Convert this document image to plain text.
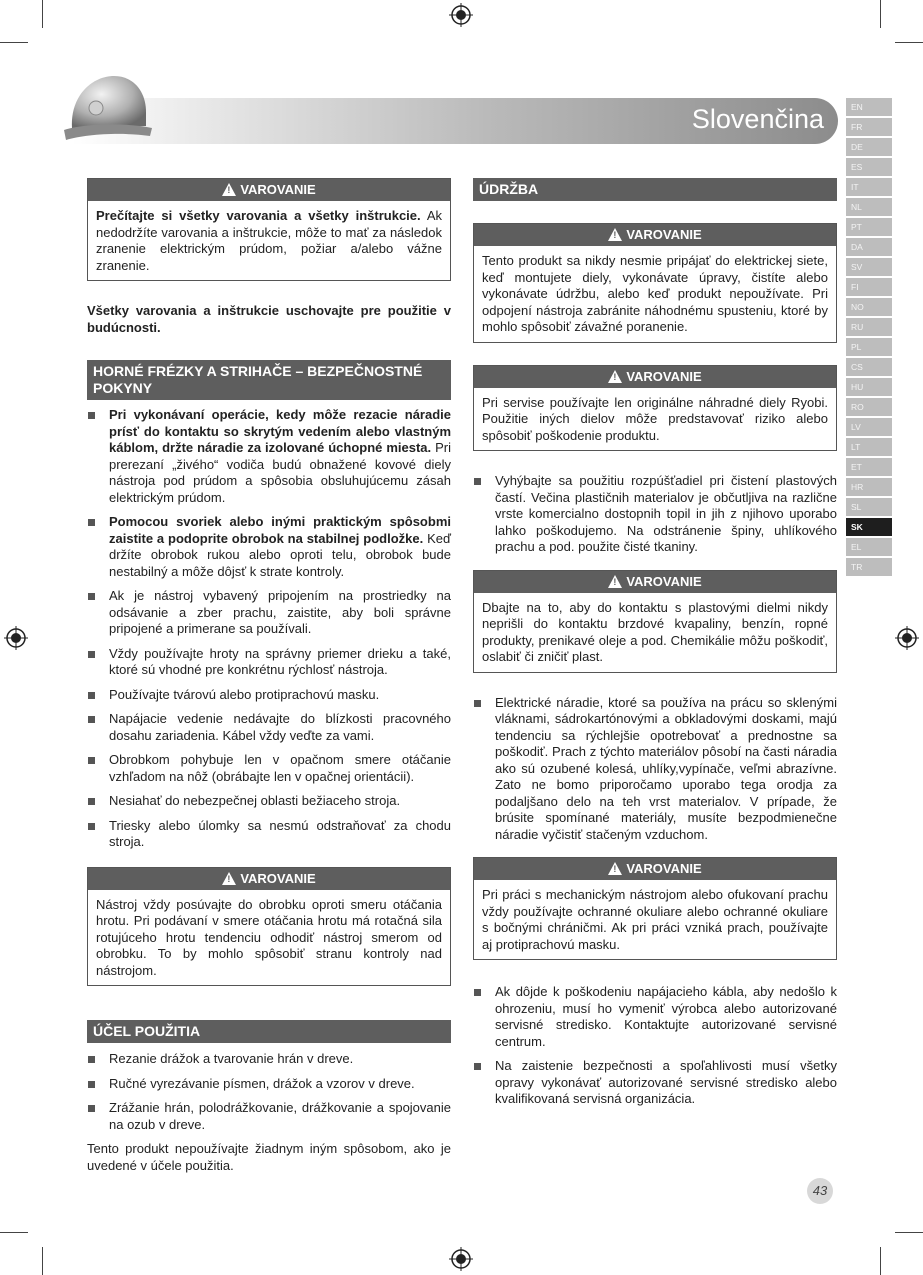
Slovenčina	EN
FR
DE
ES
IT
NL
PT
DA
SV
FI
NO
RU
PL
CS
HU
RO
LV
LT
ET
HR
SL
SK
EL
TR
!VAROVANIE
Prečítajte si všetky varovania a všetky inštrukcie. Ak nedodržíte varovania a inštrukcie, môže to mať za následok zranenie elektrickým prúdom, požiar a/alebo vážne zranenie.
Všetky varovania a inštrukcie uschovajte pre použitie v budúcnosti.
HORNÉ FRÉZKY A STRIHAČE – BEZPEČNOSTNÉ POKYNY
Pri vykonávaní operácie, kedy môže rezacie náradie prísť do kontaktu so skrytým vedením alebo vlastným káblom, držte náradie za izolované úchopné miesta. Pri prerezaní „živého“ vodiča budú obnažené kovové diely nástroja pod prúdom a spôsobia obsluhujúcemu zásah elektrickým prúdom.
Pomocou svoriek alebo inými praktickým spôsobmi zaistite a podoprite obrobok na stabilnej podložke. Keď držíte obrobok rukou alebo oproti telu, obrobok bude nestabilný a môže dôjsť k strate kontroly.
Ak je nástroj vybavený pripojením na prostriedky na odsávanie a zber prachu, zaistite, aby boli správne pripojené a primerane sa používali.
Vždy používajte hroty na správny priemer drieku a také, ktoré sú vhodné pre konkrétnu rýchlosť nástroja.
Používajte tvárovú alebo protiprachovú masku.
Napájacie vedenie nedávajte do blízkosti pracovného dosahu zariadenia. Kábel vždy veďte za vami.
Obrobkom pohybuje len v opačnom smere otáčanie vzhľadom na nôž (obrábajte len v opačnej orientácii).
Nesiahať do nebezpečnej oblasti bežiaceho stroja.
Triesky alebo úlomky sa nesmú odstraňovať za chodu stroja.
!VAROVANIE
Nástroj vždy posúvajte do obrobku oproti smeru otáčania hrotu. Pri podávaní v smere otáčania hrotu má rotačná sila rotujúceho hrotu tendenciu odhodiť nástroj smerom od obrobku. To by mohlo spôsobiť stranu kontroly nad nástrojom.
ÚČEL POUŽITIA
Rezanie drážok a tvarovanie hrán v dreve.
Ručné vyrezávanie písmen, drážok a vzorov v dreve.
Zrážanie hrán, polodrážkovanie, drážkovanie a spojovanie na ozub v dreve.
Tento produkt nepoužívajte žiadnym iným spôsobom, ako je uvedené v účele použitia.
ÚDRŽBA
!VAROVANIE
Tento produkt sa nikdy nesmie pripájať do elektrickej siete, keď montujete diely, vykonávate úpravy, čistíte alebo vykonávate údržbu, alebo keď produkt nepoužívate. Pri odpojení nástroja zabránite náhodnému spusteniu, ktoré by mohlo spôsobiť závažné poranenie.
!VAROVANIE
Pri servise používajte len originálne náhradné diely Ryobi. Použitie iných dielov môže predstavovať riziko alebo spôsobiť poškodenie produktu.
Vyhýbajte sa použitiu rozpúšťadiel pri čistení plastových častí. Večina plastičnih materialov je občutljiva na različne vrste komercialno dostopnih topil in jih z njihovo uporabo lahko poškodujemo. Na odstránenie špiny, uhlíkového prachu a pod. použite čisté tkaniny.
!VAROVANIE
Dbajte na to, aby do kontaktu s plastovými dielmi nikdy neprišli do kontaktu brzdové kvapaliny, benzín, ropné produkty, prenikavé oleje a pod. Chemikálie môžu poškodiť, oslabiť či zničiť plast.
Elektrické náradie, ktoré sa používa na prácu so sklenými vláknami, sádrokartónovými a obkladovými doskami, majú tendenciu sa rýchlejšie opotrebovať a prednostne sa poškodiť. Prach z týchto materiálov pôsobí na časti náradia ako sú ozubené kolesá, uhlíky,vypínače, veľmi abrazívne. Zato ne bomo priporočamo uporabo tega orodja za podaljšano delo na teh vrst materialov. V prípade, že brúsite spomínané materiály, musíte bezpodmienečne náradie vyčistiť stačeným vzduchom.
!VAROVANIE
Pri práci s mechanickým nástrojom alebo ofukovaní prachu vždy používajte ochranné okuliare alebo ochranné okuliare s bočnými chráničmi. Ak pri práci vzniká prach, používajte aj protiprachovú masku.
Ak dôjde k poškodeniu napájacieho kábla, aby nedošlo k ohrozeniu, musí ho vymeniť výrobca alebo autorizované servisné stredisko. Kontaktujte autorizované servisné centrum.
Na zaistenie bezpečnosti a spoľahlivosti musí všetky opravy vykonávať autorizované servisné stredisko alebo kvalifikovaná servisná organizácia.
43
